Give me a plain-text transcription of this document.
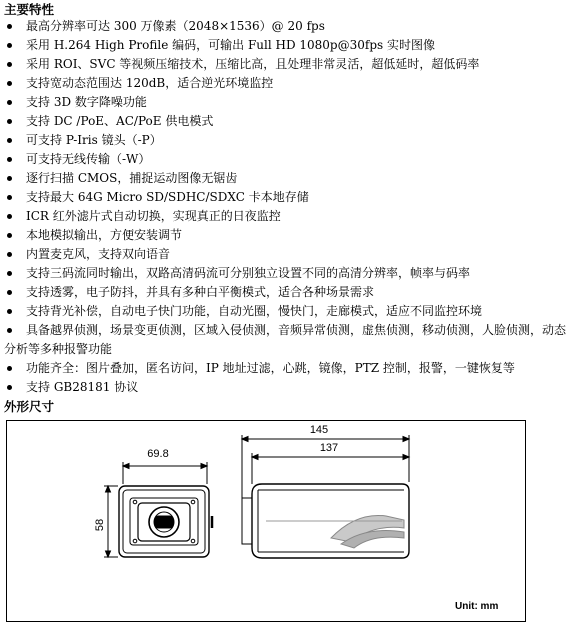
主要特性
最高分辨率可达 300 万像素（2048×1536）@ 20 fps
采用 H.264 High Profile 编码，可输出 Full HD 1080p@30fps 实时图像
采用 ROI、SVC 等视频压缩技术，压缩比高，且处理非常灵活，超低延时，超低码率
支持宽动态范围达 120dB，适合逆光环境监控
支持 3D 数字降噪功能
支持 DC /PoE、AC/PoE 供电模式
可支持 P-Iris 镜头（-P）
可支持无线传输（-W）
逐行扫描 CMOS，捕捉运动图像无锯齿
支持最大 64G Micro SD/SDHC/SDXC 卡本地存储
ICR 红外滤片式自动切换，实现真正的日夜监控
本地模拟输出，方便安装调节
内置麦克风，支持双向语音
支持三码流同时输出，双路高清码流可分别独立设置不同的高清分辨率，帧率与码率
支持透雾，电子防抖，并具有多种白平衡模式，适合各种场景需求
支持背光补偿，自动电子快门功能，自动光圈，慢快门，走廊模式，适应不同监控环境
具备越界侦测，场景变更侦测，区域入侵侦测，音频异常侦测，虚焦侦测，移动侦测，人脸侦测，动态分析等多种报警功能
功能齐全：图片叠加，匿名访问，IP 地址过滤，心跳，镜像，PTZ 控制，报警，一键恢复等
支持 GB28181 协议
外形尺寸
69.8
58
145
137
Unit: mm
